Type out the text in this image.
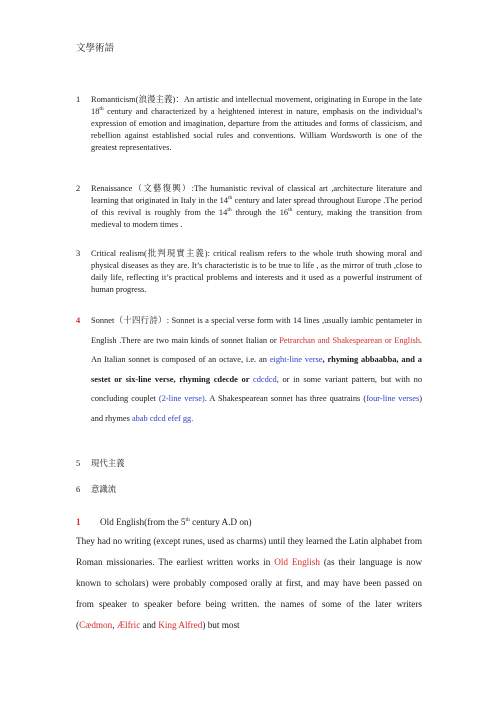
文學術語
1	Romanticism(浪漫主義)：An artistic and intellectual movement, originating in Europe in the late 18th century and characterized by a heightened interest in nature, emphasis on the individual’s expression of emotion and imagination, departure from the attitudes and forms of classicism, and rebellion against established social rules and conventions. William Wordsworth is one of the greatest representatives.
2	Renaissance（文藝復興）:The humanistic revival of classical art ,architecture literature and learning that originated in Italy in the 14th century and later spread throughout Europe .The period of this revival is roughly from the 14th through the 16th century, making the transition from medieval to modern times .
3	Critical realism(批判現實主義): critical realism refers to the whole truth showing moral and physical diseases as they are. It’s characteristic is to be true to life , as the mirror of truth ,close to daily life, reflecting it’s practical problems and interests and it used as a powerful instrument of human progress.
4	Sonnet（十四行詩）: Sonnet is a special verse form with 14 lines ,usually iambic pentameter in English .There are two main kinds of sonnet Italian or Petrarchan and Shakespearean or English. An Italian sonnet is composed of an octave, i.e. an eight-line verse, rhyming abbaabba, and a sestet or six-line verse, rhyming cdecde or cdcdcd, or in some variant pattern, but with no concluding couplet (2-line verse). A Shakespearean sonnet has three quatrains (four-line verses) and rhymes abab cdcd efef gg.
5	現代主義
6	意識流
1	Old English(from the 5th century A.D on)
They had no writing (except runes, used as charms) until they learned the Latin alphabet from Roman missionaries. The earliest written works in Old English (as their language is now known to scholars) were probably composed orally at first, and may have been passed on from speaker to speaker before being written. the names of some of the later writers (Cædmon, Ælfric and King Alfred) but most
